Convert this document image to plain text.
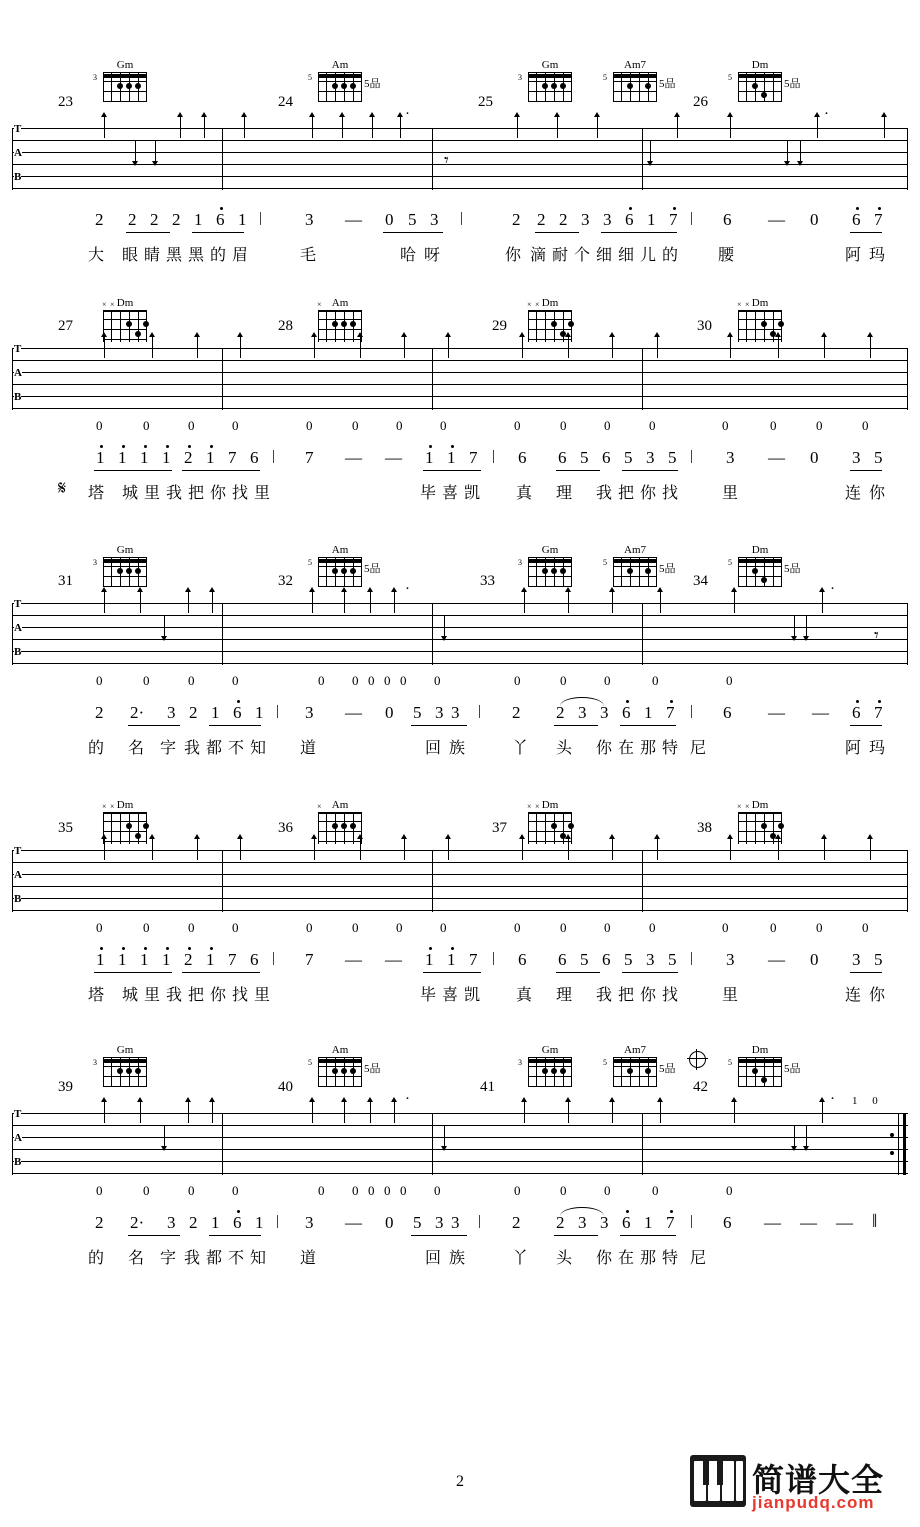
Gm
3
Am
5
5品
Gm
3
Am7
5
5品
Dm
5
5品
23	24	25	26
T
A
B
·	·
𝄾
2 2 2 2 1 6 1 |	3 — 0 5 3 |	2 2 2 3 3 6 1 7 | 6 — 0 6 7
大 眼 睛 黑 黑 的 眉	毛	哈 呀	你 滴 耐 个 细 细 儿 的 腰	阿 玛
Dm
× ×	Am
×	Dm
× ×	Dm
× ×
27	28	29	30
T
A
B
0	0	0	0	0	0	0	0	0	0	0	0	0	0	0	0
1 1 1 1 2 1 7 6 | 7 — — 1 1 7 | 6 6 5 6 5 3 5 | 3 — 0 3 5
𝄋 塔 城 里 我 把 你 找 里	毕 喜 凯 真 理 我 把 你 找	里	连 你
Gm
3
Am
5
5品
Gm
3
Am7
5
5品
Dm
5
5品
31	32	33	34
T
A
B
·	·
𝄾
0	0	0	0	0 0 0 0 0 0	0	0	0	0	0
2 2· 3 2 1 6 1 | 3 — 0 5 3 3 | 2 2 3 3 6 1 7 | 6 — — 6 7
的 名 字 我 都 不 知 道	回 族	丫 头 你 在 那 特 尼	阿 玛
Dm
× ×	Am
×	Dm
× ×	Dm
× ×
35	36	37	38
T
A
B
0	0	0	0	0	0	0	0	0	0	0	0	0	0	0	0
1 1 1 1 2 1 7 6 | 7 — — 1 1 7 | 6 6 5 6 5 3 5 | 3 — 0 3 5
塔 城 里 我 把 你 找 里	毕 喜 凯 真 理 我 把 你 找	里	连 你
Gm
3
Am
5
5品
Gm
3
Am7
5
5品
Dm
5
5品
39	40	41	42
T
A
B
·	· 1 0
0	0	0	0	0 0 0 0 0 0	0	0	0	0	0
2 2· 3 2 1 6 1 | 3 — 0 5 3 3 | 2 2 3 3 6 1 7 | 6 — — — ‖
的 名 字 我 都 不 知 道	回 族	丫 头 你 在 那 特 尼
2	简谱大全
jianpudq.com
